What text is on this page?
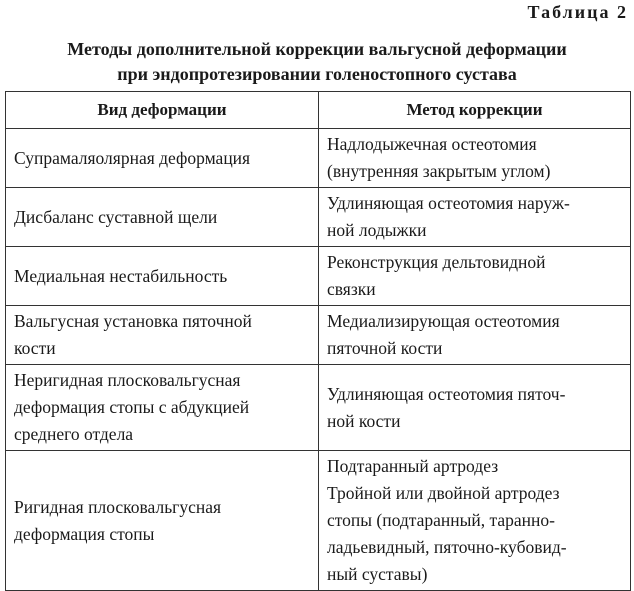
Таблица 2
Методы дополнительной коррекции вальгусной деформации
при эндопротезировании голеностопного сустава
Вид деформации	Метод коррекции

Супрамаляолярная деформация	Надлодыжечная остеотомия
(внутренняя закрытым углом)

Дисбаланс суставной щели	Удлиняющая остеотомия наруж-
ной лодыжки

Медиальная нестабильность	Реконструкция дельтовидной
связки

Вальгусная установка пяточной
кости	Медиализирующая остеотомия
пяточной кости

Неригидная плосковальгусная
деформация стопы с абдукцией
среднего отдела	Удлиняющая остеотомия пяточ-
ной кости

Ригидная плосковальгусная
деформация стопы	Подтаранный артродез
Тройной или двойной артродез
стопы (подтаранный, таранно-
ладьевидный, пяточно-кубовид-
ный суставы)
